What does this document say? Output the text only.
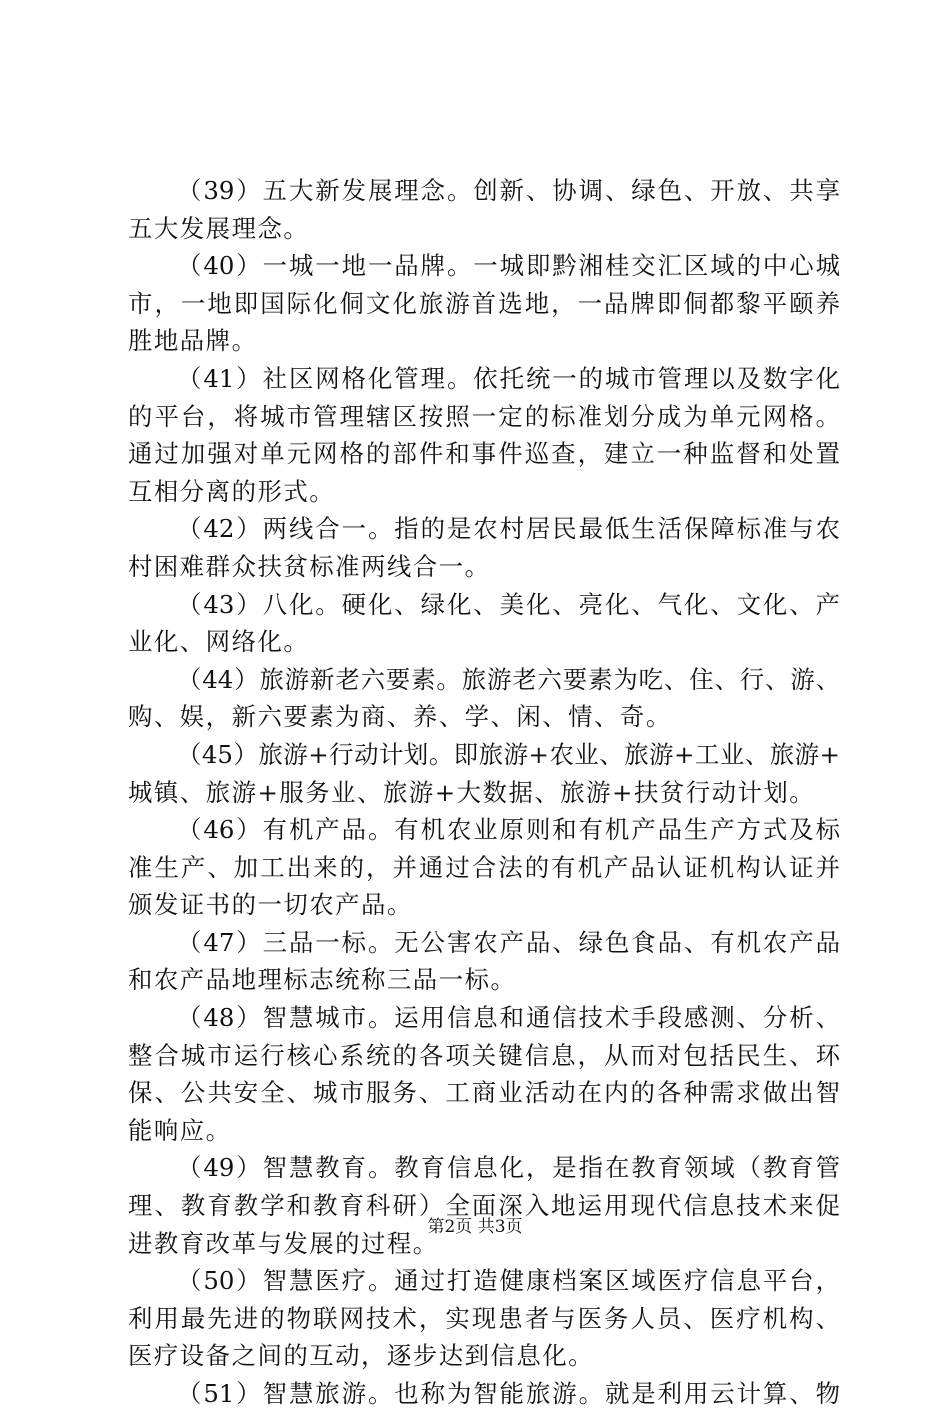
（39）五大新发展理念。创新、协调、绿色、开放、共享
五大发展理念。
（40）一城一地一品牌。一城即黔湘桂交汇区域的中心城
市，一地即国际化侗文化旅游首选地，一品牌即侗都黎平颐养
胜地品牌。
（41）社区网格化管理。依托统一的城市管理以及数字化
的平台，将城市管理辖区按照一定的标准划分成为单元网格。
通过加强对单元网格的部件和事件巡查，建立一种监督和处置
互相分离的形式。
（42）两线合一。指的是农村居民最低生活保障标准与农
村困难群众扶贫标准两线合一。
（43）八化。硬化、绿化、美化、亮化、气化、文化、产
业化、网络化。
（44）旅游新老六要素。旅游老六要素为吃、住、行、游、
购、娱，新六要素为商、养、学、闲、情、奇。
（45）旅游+行动计划。即旅游+农业、旅游+工业、旅游+
城镇、旅游+服务业、旅游+大数据、旅游+扶贫行动计划。
（46）有机产品。有机农业原则和有机产品生产方式及标
准生产、加工出来的，并通过合法的有机产品认证机构认证并
颁发证书的一切农产品。
（47）三品一标。无公害农产品、绿色食品、有机农产品
和农产品地理标志统称三品一标。
（48）智慧城市。运用信息和通信技术手段感测、分析、
整合城市运行核心系统的各项关键信息，从而对包括民生、环
保、公共安全、城市服务、工商业活动在内的各种需求做出智
能响应。
（49）智慧教育。教育信息化，是指在教育领域（教育管
理、教育教学和教育科研）全面深入地运用现代信息技术来促
进教育改革与发展的过程。
（50）智慧医疗。通过打造健康档案区域医疗信息平台，
利用最先进的物联网技术，实现患者与医务人员、医疗机构、
医疗设备之间的互动，逐步达到信息化。
（51）智慧旅游。也称为智能旅游。就是利用云计算、物
第2页 共3页
